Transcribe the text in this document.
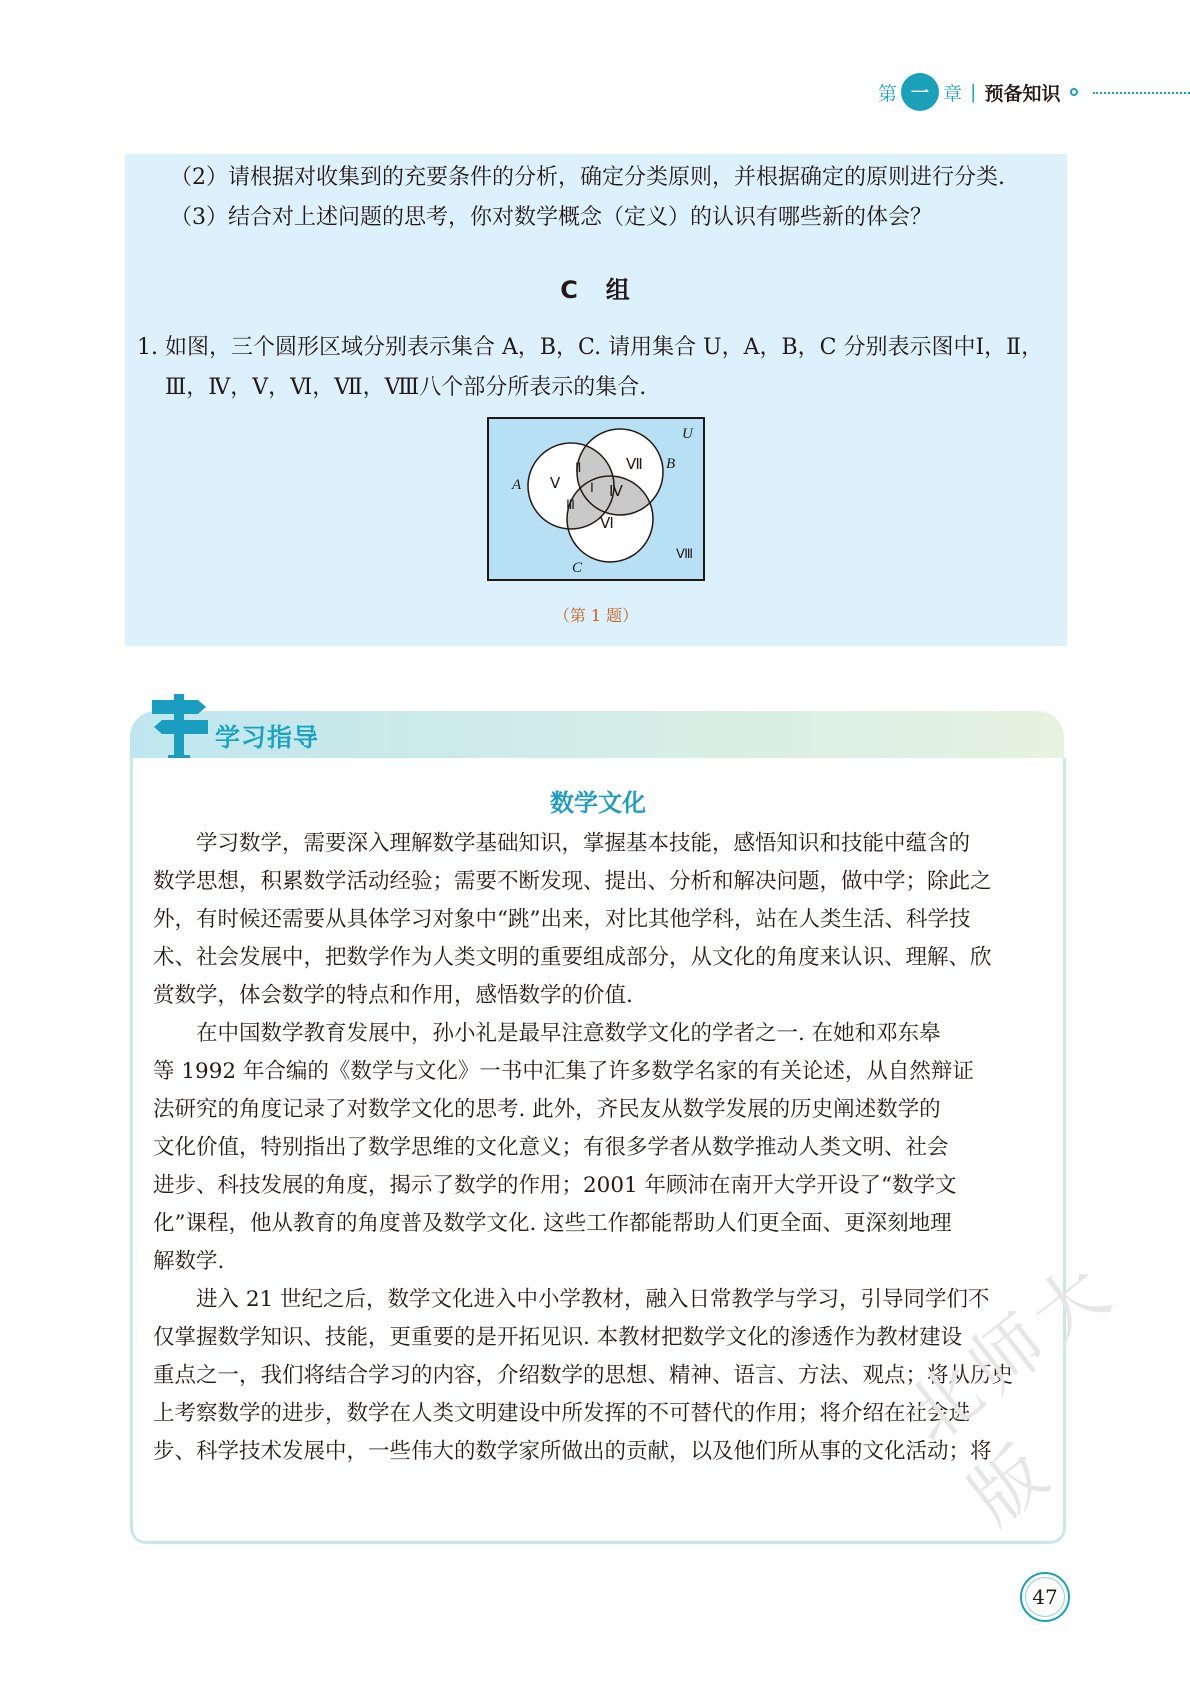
第 一 章 | 预备知识
（2）请根据对收集到的充要条件的分析，确定分类原则，并根据确定的原则进行分类.
（3）结合对上述问题的思考，你对数学概念（定义）的认识有哪些新的体会？
C　组
1. 如图，三个圆形区域分别表示集合 A，B，C. 请用集合 U，A，B，C 分别表示图中Ⅰ，Ⅱ，
Ⅲ，Ⅳ，Ⅴ，Ⅵ，Ⅶ，Ⅷ八个部分所表示的集合.
U
A
B
C
Ⅴ
Ⅶ
Ⅱ
Ⅰ Ⅳ
Ⅲ
Ⅵ
Ⅷ
（第 1 题）
学习指导
数学文化
　　学习数学，需要深入理解数学基础知识，掌握基本技能，感悟知识和技能中蕴含的
数学思想，积累数学活动经验；需要不断发现、提出、分析和解决问题，做中学；除此之
外，有时候还需要从具体学习对象中“跳”出来，对比其他学科，站在人类生活、科学技
术、社会发展中，把数学作为人类文明的重要组成部分，从文化的角度来认识、理解、欣
赏数学，体会数学的特点和作用，感悟数学的价值.
　　在中国数学教育发展中，孙小礼是最早注意数学文化的学者之一. 在她和邓东皋
等 1992 年合编的《数学与文化》一书中汇集了许多数学名家的有关论述，从自然辩证
法研究的角度记录了对数学文化的思考. 此外，齐民友从数学发展的历史阐述数学的
文化价值，特别指出了数学思维的文化意义；有很多学者从数学推动人类文明、社会
进步、科技发展的角度，揭示了数学的作用；2001 年顾沛在南开大学开设了“数学文
化”课程，他从教育的角度普及数学文化. 这些工作都能帮助人们更全面、更深刻地理
解数学.
　　进入 21 世纪之后，数学文化进入中小学教材，融入日常教学与学习，引导同学们不
仅掌握数学知识、技能，更重要的是开拓见识. 本教材把数学文化的渗透作为教材建设
重点之一，我们将结合学习的内容，介绍数学的思想、精神、语言、方法、观点；将从历史
上考察数学的进步，数学在人类文明建设中所发挥的不可替代的作用；将介绍在社会进
步、科学技术发展中，一些伟大的数学家所做出的贡献，以及他们所从事的文化活动；将
47
北师大版
